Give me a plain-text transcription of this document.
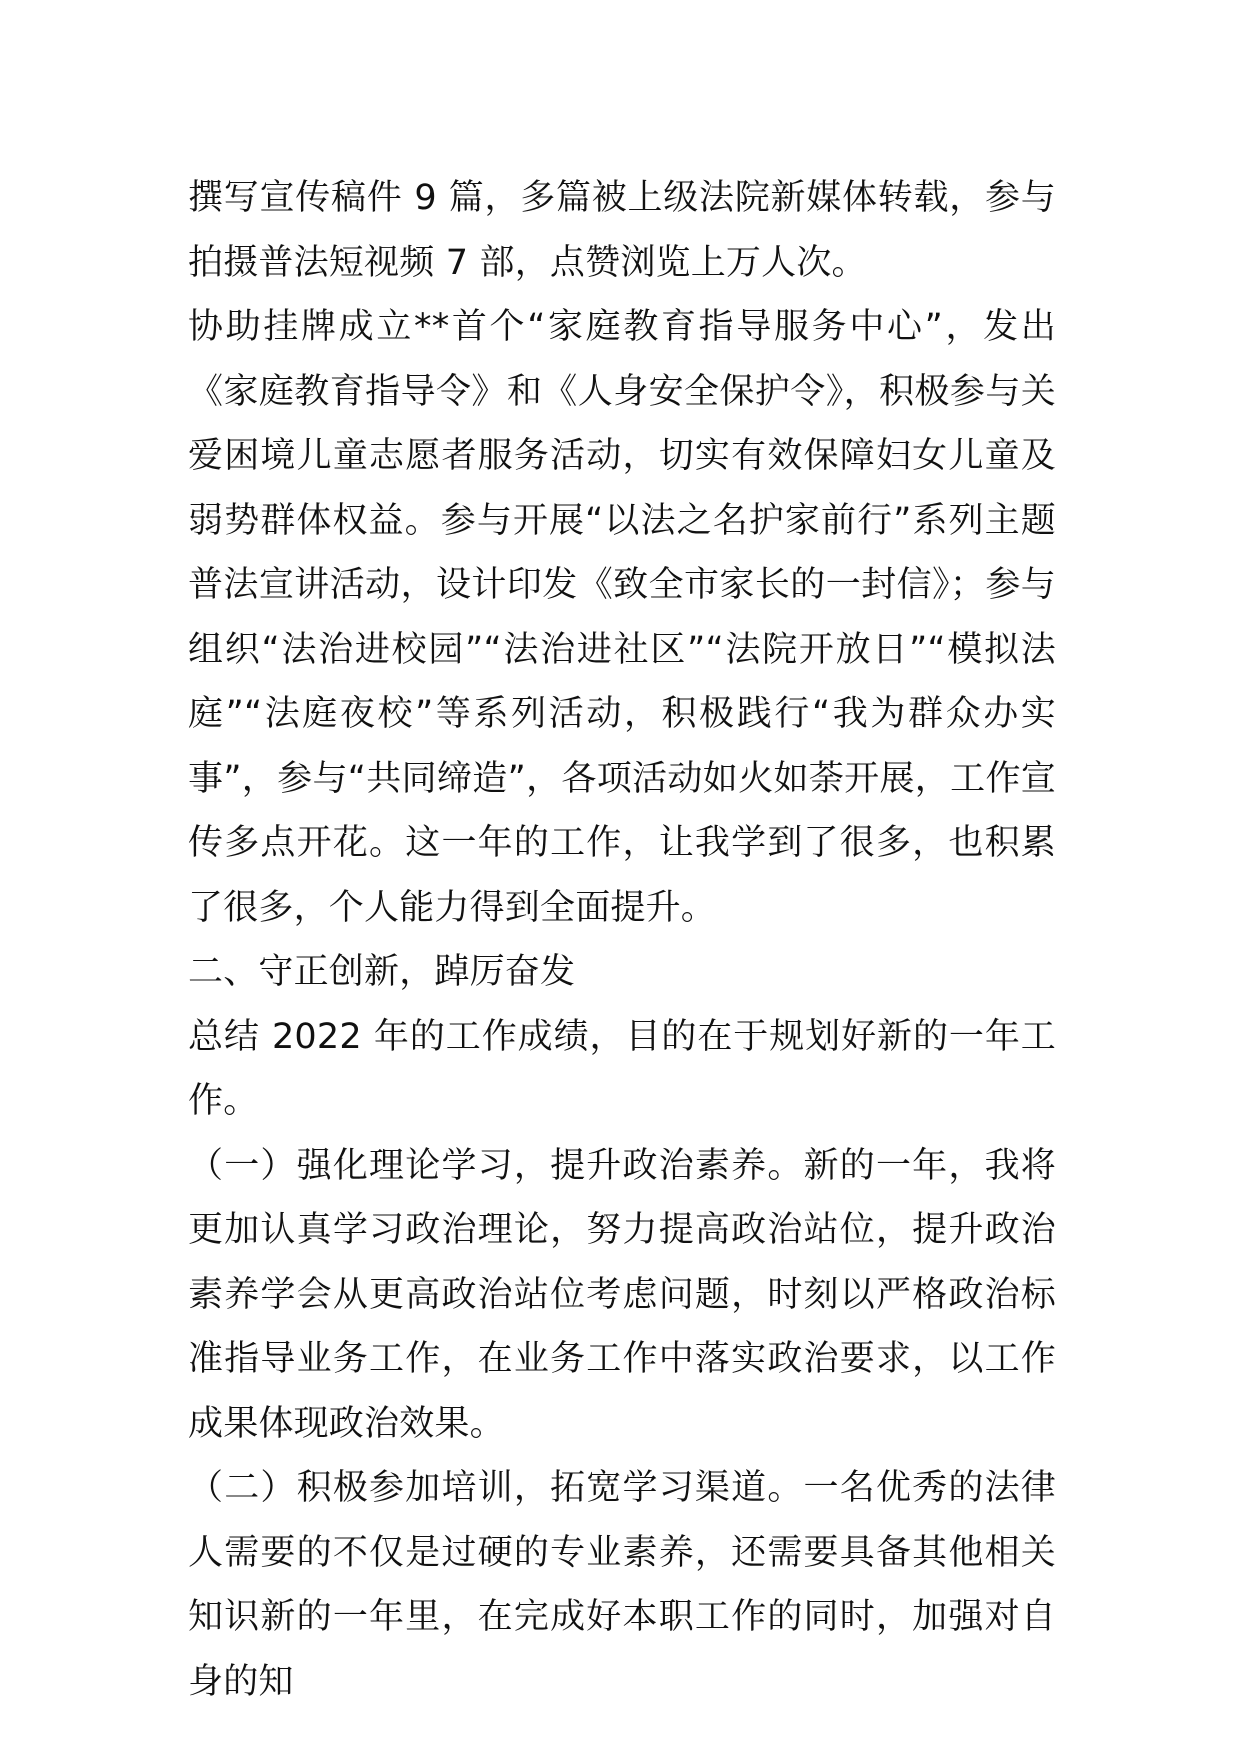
撰写宣传稿件 9 篇，多篇被上级法院新媒体转载，参与拍摄普法短视频 7 部，点赞浏览上万人次。

协助挂牌成立**首个“家庭教育指导服务中心”，发出《家庭教育指导令》和《人身安全保护令》，积极参与关爱困境儿童志愿者服务活动，切实有效保障妇女儿童及弱势群体权益。参与开展“以法之名护家前行”系列主题普法宣讲活动，设计印发《致全市家长的一封信》；参与组织“法治进校园”“法治进社区”“法院开放日”“模拟法庭”“法庭夜校”等系列活动，积极践行“我为群众办实事”，参与“共同缔造”，各项活动如火如荼开展，工作宣传多点开花。这一年的工作，让我学到了很多，也积累了很多，个人能力得到全面提升。

二、守正创新，踔厉奋发

总结 2022 年的工作成绩，目的在于规划好新的一年工作。

（一）强化理论学习，提升政治素养。新的一年，我将更加认真学习政治理论，努力提高政治站位，提升政治素养学会从更高政治站位考虑问题，时刻以严格政治标准指导业务工作，在业务工作中落实政治要求，以工作成果体现政治效果。

（二）积极参加培训，拓宽学习渠道。一名优秀的法律人需要的不仅是过硬的专业素养，还需要具备其他相关知识新的一年里，在完成好本职工作的同时，加强对自身的知
